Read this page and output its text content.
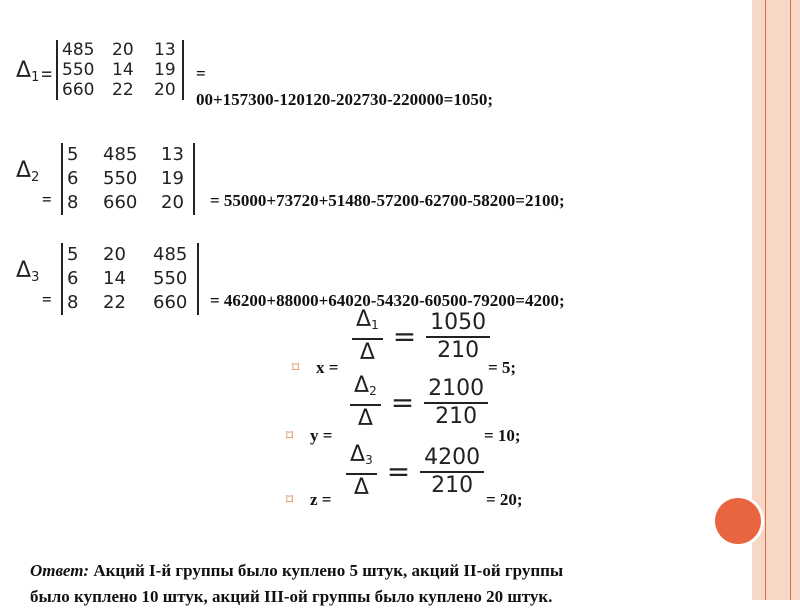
$\Delta_1$ =
485 20	13
550 14	19
660 22	20
=
00+157300-120120-202730-220000=1050;
$\Delta_2$
=
5	485	13
6	550	19
8	660	20 = 55000+73720+51480-57200-62700-58200=2100;
$\Delta_3$
=
5	20	485
6	14	550
8	22	660	= 46200+88000+64020-54320-60500-79200=4200;
⌑ x =
$\frac{\Delta_1}{\Delta} = \frac{1050}{210}$
= 5;
⌑ y =
$\frac{\Delta_2}{\Delta} = \frac{2100}{210}$
= 10;
⌑ $z = \frac{\Delta_3}{\Delta} = \frac{4200}{210}$
= 20;
Ответ: Акций I-й группы было куплено 5 штук, акций II-ой группы
было куплено 10 штук, акций III-ой группы было куплено 20 штук.
